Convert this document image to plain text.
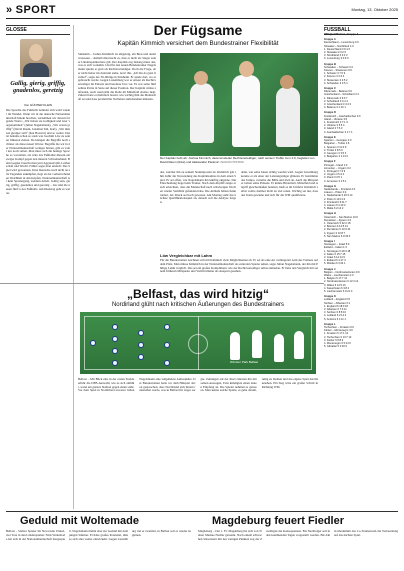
» SPORT	Montag, 13. Oktober 2025
GLOSSE
Gallig, gierig, griffig, gnadenlos, geretzig
Von GÜNTER KLEIN
Die Sprache des Fußballs befindet sich wohl wieder im Wandel. Wenn wir in die deutsche Nationalmannschaft hinein horchen, vernehmen wir derzeit folgende Worte: „Wir haben sie Galligkeit und Gier vorgenommen“ (Julian Nagelsmann), „Wir waren griffig“ (David Raum, Jonathan Tah, Karl), „Wir müssen gieriger sein“ (Kai Havertz) und so weiter. Das ist beinahe schon so stark wie Joachim Löw zu seinen früheren Zeiten. Da klangen die Begriffe noch schöner als diese neuen Wörter. Begriffe die wir in der Nationalmannschaft weniger hörten, gibt es wohl nur noch selten. Man muss sich die heutige Sprache so vorstellen, als wäre das Fußballer-Dasein ein ewiger Kampf gegen den inneren Schweinehund. Beim Gegner braucht man jetzt Aggressivität, Leidenschaft und Wucht. Früher sagte man einfach: Das Spiel wird gewonnen. Dass Deutsche noch nicht an alte Tugenden anknüpfen, liegt an der vorherrschenden Weichheit in den Köpfen. Nationalmannschaft ist kein Spaziergang, sondern Arbeit. Gallig sein, gierig, griffig, gnadenlos und geretzig – das sind die neuen fünf G des Fußballs. Am Dienstag geht es weiter.
Der Fügsame
Kapitän Kimmich versichert dem Bundestrainer Flexibilität
Sinsheim – Joshua Kimmich ist ehrgeizig, ein Boss und detailversessen – deshalb überrascht es, dass er nicht als Sieger seiner Länderspielkarriere gilt. Der Kapitän zog bislang meist das, was er sich vornahm. Und für den neuen Bundestrainer Nagelsmann spielte er gern als Rechtsverteidiger. Doch die Frage, ob er nicht lieber im Zentrum stehe, nervt ihn. „Ich bin da ganz flexibel“, sagte der 30-Jährige in Sinsheim. Er spiele dort, wo er gebraucht werde. Gegen Luxemburg war er erneut als Rechtsverteidiger im Einsatz und bereitete Tore vor. Es war seine fünfzehnte Partie in Serie auf dieser Position. Der Kapitän wirkte zufrieden, auch wenn ihm die Rolle im Mittelfeld ebenso liegt. Zuletzt hatte er mehrfach betont, wie wichtig ihm die Mannschaft sei und dass persönliche Vorlieben zurückstehen müssten.
Der Kapitän hebt ab: Joshua Kimmich, diesmal wieder Rechtsverteidiger, nach seinem Treffer zum 4:0, begleitet von David Raum (links) und Aleksandar Pavlovic. IMAGO/FOTOSTAND
des, welcher ihn zu seinem Stammposten ist. Kimmich gab ihm dafür die Verwendung des Kapitänsamtes in dem einen Spiel. Er sei offen, wie Nagelsmann ihn künftig einplane. Die Entscheidung liege beim Trainer. Nach dem Abpfiff zeigte er sich erleichtert, dass die Mannschaft nach schwierigen Wochen wieder Stabilität gefunden habe. Die Abläufe hätten funktioniert, der Druck sei hoch gewesen. Am Montag steht das nächste Qualifikationsspiel an, danach soll die Analyse folgen.
denn, wie seine Ideen richtig werden wird. Gegen Luxemburg konnte er als einer der Leistungsträger glänzen. Er bestimmte das Tempo, verteilte die Bälle und trieb an. Auch die Mitspieler lobten seine Präsenz. Er könne Hinterhalt, Mittelfeld und Angriff gleichermaßen beleben, hieß es im Umfeld. Kimmich selbst wollte darüber nicht zu viel reden. Wichtig sei nur, dass das Team gewinne und sich für die WM qualifiziere.
Löw Vergleichbar mit Lahm
Für die Bundestrainer zeichnen sich mit Kimmich viele Möglichkeiten ab: Er sei als eine Art verlängerter Arm des Trainers auf dem Platz. Man müsse Kimmich in der Nationalmannschaft als zentralen Spieler sehen, sagte Julian Nagelsmann, der ihn mit Philipp Lahm verglich. Das sei ein großes Kompliment, wie der Rechtsverteidiger selbst anmerkte. Er habe den Vergleich mit seinem früheren Mitspieler und Vorbild immer als Ansporn gesehen.
„Belfast, das wird hitzig“
Nordirland glüht nach kritischen Äußerungen des Bundestrainers
Belfast – Mit Blick eins in der ersten Stunde erfuhr die DFB-Auswahl, wie es sich anfühlt, wenn ein ganzes Stadion gegen einen steht. Vor dem Spiel in Nordirland erwartet Julian Nagelsmann eine aufgeheizte Atmosphäre. Der Bundestrainer hatte vor dem Hinspiel davon gesprochen, dass Nordirland sich hinten reinstellen werde, was in Belfast für Ärger sorgte. Zeitungen auf der Insel zitierten ihn mit seinen Aussagen, Fans kündigten einen lauten Empfang an. Die Spieler nehmen es gelassen. Man kenne solche Spiele, es gehe darum, ruhig zu bleiben und das eigene Spiel durchzuziehen. Ein Sieg wäre ein großer Schritt in Richtung WM.
Windsor Park Belfast
Geduld mit Woltemade
Belfast – Siebter Spieler für Newcastle United, vier Tore in den Länderspielen: Nick Woltemade hat sich in der Nationalmannschaft festgespielt. Nagelsmann mahnt aber zur Geduld mit dem jungen Stürmer. Er habe großes Potenzial, müsse sich aber weiter entwickeln. Gegen Luxemburg traf er zweimal, in Belfast soll er wieder beginnen.
Magdeburg feuert Fiedler
Magdeburg – Der 1. FC Magdeburg hat sich von Trainer Markus Fiedler getrennt. Nach einem schwachen Saisonstart mit nur wenigen Punkten zog der Zweitligist die Konsequenzen. Ein Nachfolger soll in den kommenden Tagen vorgestellt werden. Bis dahin übernimmt das Co-Trainerteam die Vorbereitung auf das nächste Spiel.
FUSSBALL
WM-Qualifikation, Gruppe A
Gruppe A
Deutschland – Luxemburg 4:0
Slowakei – Nordirland 1:0
1. Deutschland 3 9:1 6
2. Slowakei 3 3:2 6
3. Nordirland 3 3:3 3
4. Luxemburg 3 0:9 0
Gruppe B
Schweden – Schweiz 0:2
Kosovo – Slowenien 0:0
1. Schweiz 3 7:0 9
2. Kosovo 3 3:4 4
3. Slowenien 3 2:5 2
4. Schweden 3 2:5 1
Gruppe C
Dänemark – Belarus 6:0
Griechenland – Schottland 3:1
1. Dänemark 3 9:0 7
2. Schottland 3 4:4 4
3. Griechenland 3 4:4 3
4. Belarus 3 1:10 1
Gruppe D
Frankreich – Aserbaidschan 3:0
Island – Ukraine 3:5
1. Frankreich 3 7:1 9
2. Ukraine 3 5:6 4
3. Island 3 7:6 3
4. Aserbaidschan 3 1:7 1
Gruppe E
Spanien – Georgien 2:0
Bulgarien – Türkei 1:6
1. Spanien 3 11:0 9
2. Türkei 3 8:5 6
3. Georgien 3 3:5 3
4. Bulgarien 3 1:13 0
Gruppe F
Portugal – Irland 1:0
Armenien – Ungarn 0:2
1. Portugal 3 7:2 9
2. Ungarn 3 5:4 4
3. Irland 3 3:5 1
4. Armenien 3 1:5 1
Gruppe G
Niederlande – Finnland 4:0
Litauen – Polen 0:2
1. Niederlande 6 20:3 14
2. Polen 6 10:4 13
3. Finnland 6 6:11 7
4. Litauen 6 4:10 3
5. Malta 6 2:14 2
Gruppe H
Österreich – San Marino 10:0
Rumänien – Zypern 2:2
1. Österreich 6 22:2 18
2. Bosnien 6 12:5 13
3. Rumänien 6 13:9 10
4. Zypern 6 10:8 7
5. San Marino 6 0:33 0
Gruppe I
Norwegen – Israel 5:0
Estland – Italien 1:3
1. Norwegen 6 29:3 18
2. Italien 6 15:7 15
3. Israel 6 14:14 9
4. Estland 6 4:17 3
5. Moldau 6 3:24 1
Gruppe J
Belgien – Nordmazedonien 0:0
Wales – Liechtenstein 1:0
1. Belgien 6 17:7 12
2. Nordmazedonien 6 12:4 12
3. Wales 6 12:5 10
4. Kasachstan 6 3:8 4
5. Liechtenstein 6 0:21 0
Gruppe K
Lettland – England 0:5
Serbien – Albanien 0:1
1. England 6 18:0 18
2. Albanien 6 7:3 11
3. Serbien 6 8:8 10
4. Lettland 6 2:14 4
5. Andorra 6 1:11 1
Gruppe L
Tschechien – Kroatien 0:0
Färöer – Montenegro 4:0
1. Kroatien 5 17:1 13
2. Tschechien 6 13:7 13
3. Färöer 6 8:8 9
4. Montenegro 6 5:14 6
5. Gibraltar 5 2:20 0
